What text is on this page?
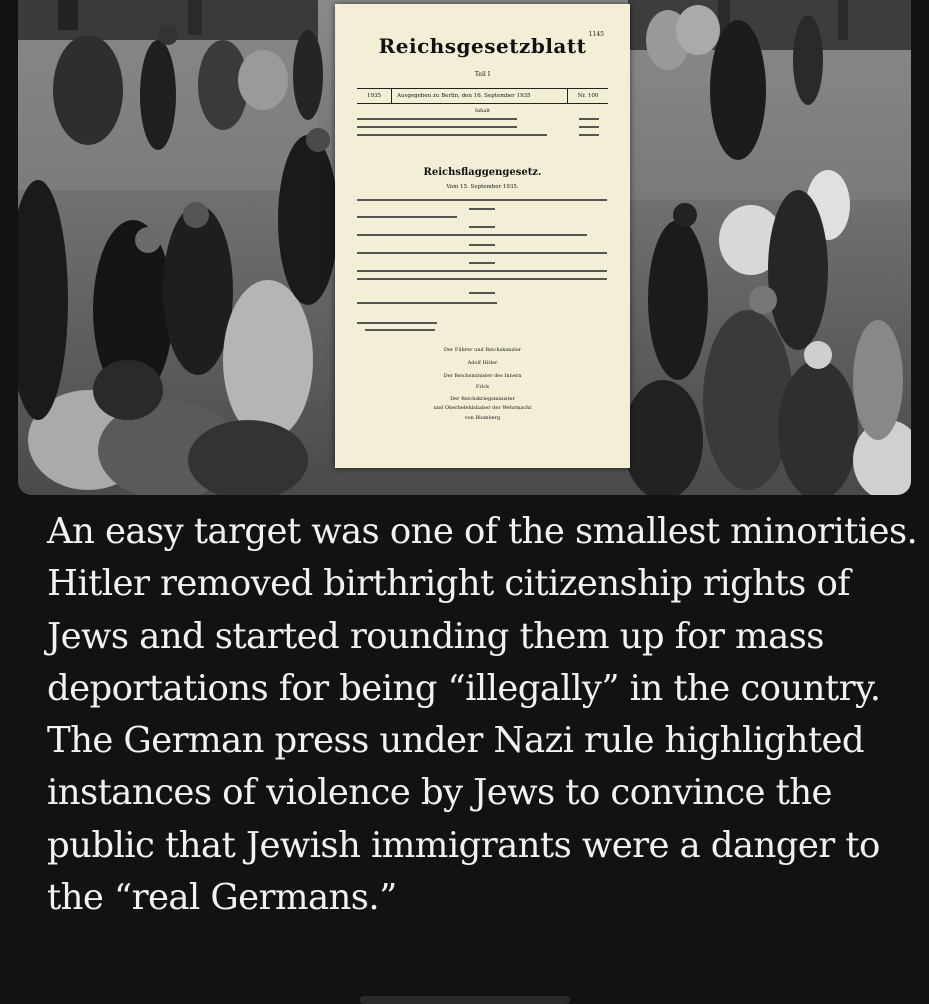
1145
Reichsgesetzblatt
Teil I
1935	Ausgegeben zu Berlin, den 16. September 1935	Nr. 100
Inhalt
Reichsflaggengesetz.
Vom 15. September 1935.
Der Führer und Reichskanzler
Adolf Hitler
Der Reichsminister des Innern
Frick
Der Reichskriegsminister
und Oberbefehlshaber der Wehrmacht
von Blomberg

An easy target was one of the smallest minorities. Hitler removed birthright citizenship rights of Jews and started rounding them up for mass deportations for being “illegally” in the country. The German press under Nazi rule highlighted instances of violence by Jews to convince the public that Jewish immigrants were a danger to the “real Germans.”
